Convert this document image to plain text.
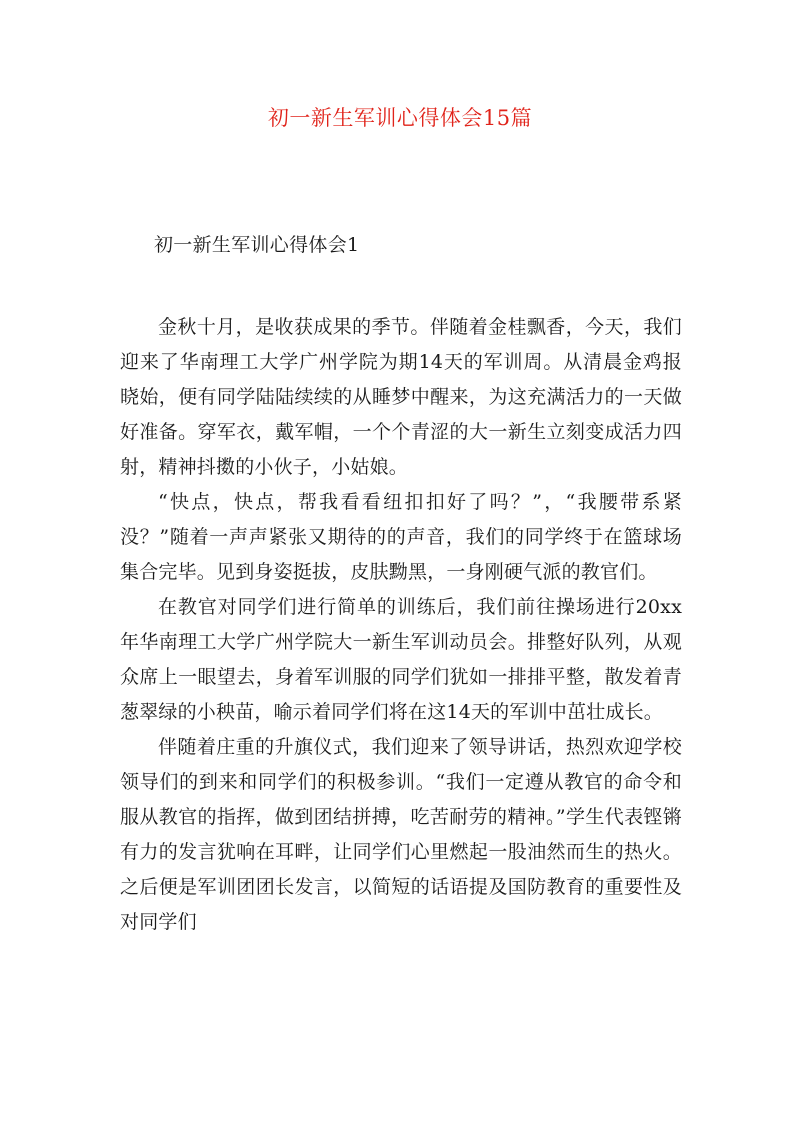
初一新生军训心得体会15篇
初一新生军训心得体会1

金秋十月，是收获成果的季节。伴随着金桂飘香，今天，我们迎来了华南理工大学广州学院为期14天的军训周。从清晨金鸡报晓始，便有同学陆陆续续的从睡梦中醒来，为这充满活力的一天做好准备。穿军衣，戴军帽，一个个青涩的大一新生立刻变成活力四射，精神抖擞的小伙子，小姑娘。

“快点，快点，帮我看看纽扣扣好了吗？”，“我腰带系紧没？”随着一声声紧张又期待的的声音，我们的同学终于在篮球场集合完毕。见到身姿挺拔，皮肤黝黑，一身刚硬气派的教官们。

在教官对同学们进行简单的训练后，我们前往操场进行20xx年华南理工大学广州学院大一新生军训动员会。排整好队列，从观众席上一眼望去，身着军训服的同学们犹如一排排平整，散发着青葱翠绿的小秧苗，喻示着同学们将在这14天的军训中茁壮成长。

伴随着庄重的升旗仪式，我们迎来了领导讲话，热烈欢迎学校领导们的到来和同学们的积极参训。“我们一定遵从教官的命令和服从教官的指挥，做到团结拼搏，吃苦耐劳的精神。”学生代表铿锵有力的发言犹响在耳畔，让同学们心里燃起一股油然而生的热火。之后便是军训团团长发言，以简短的话语提及国防教育的重要性及对同学们
